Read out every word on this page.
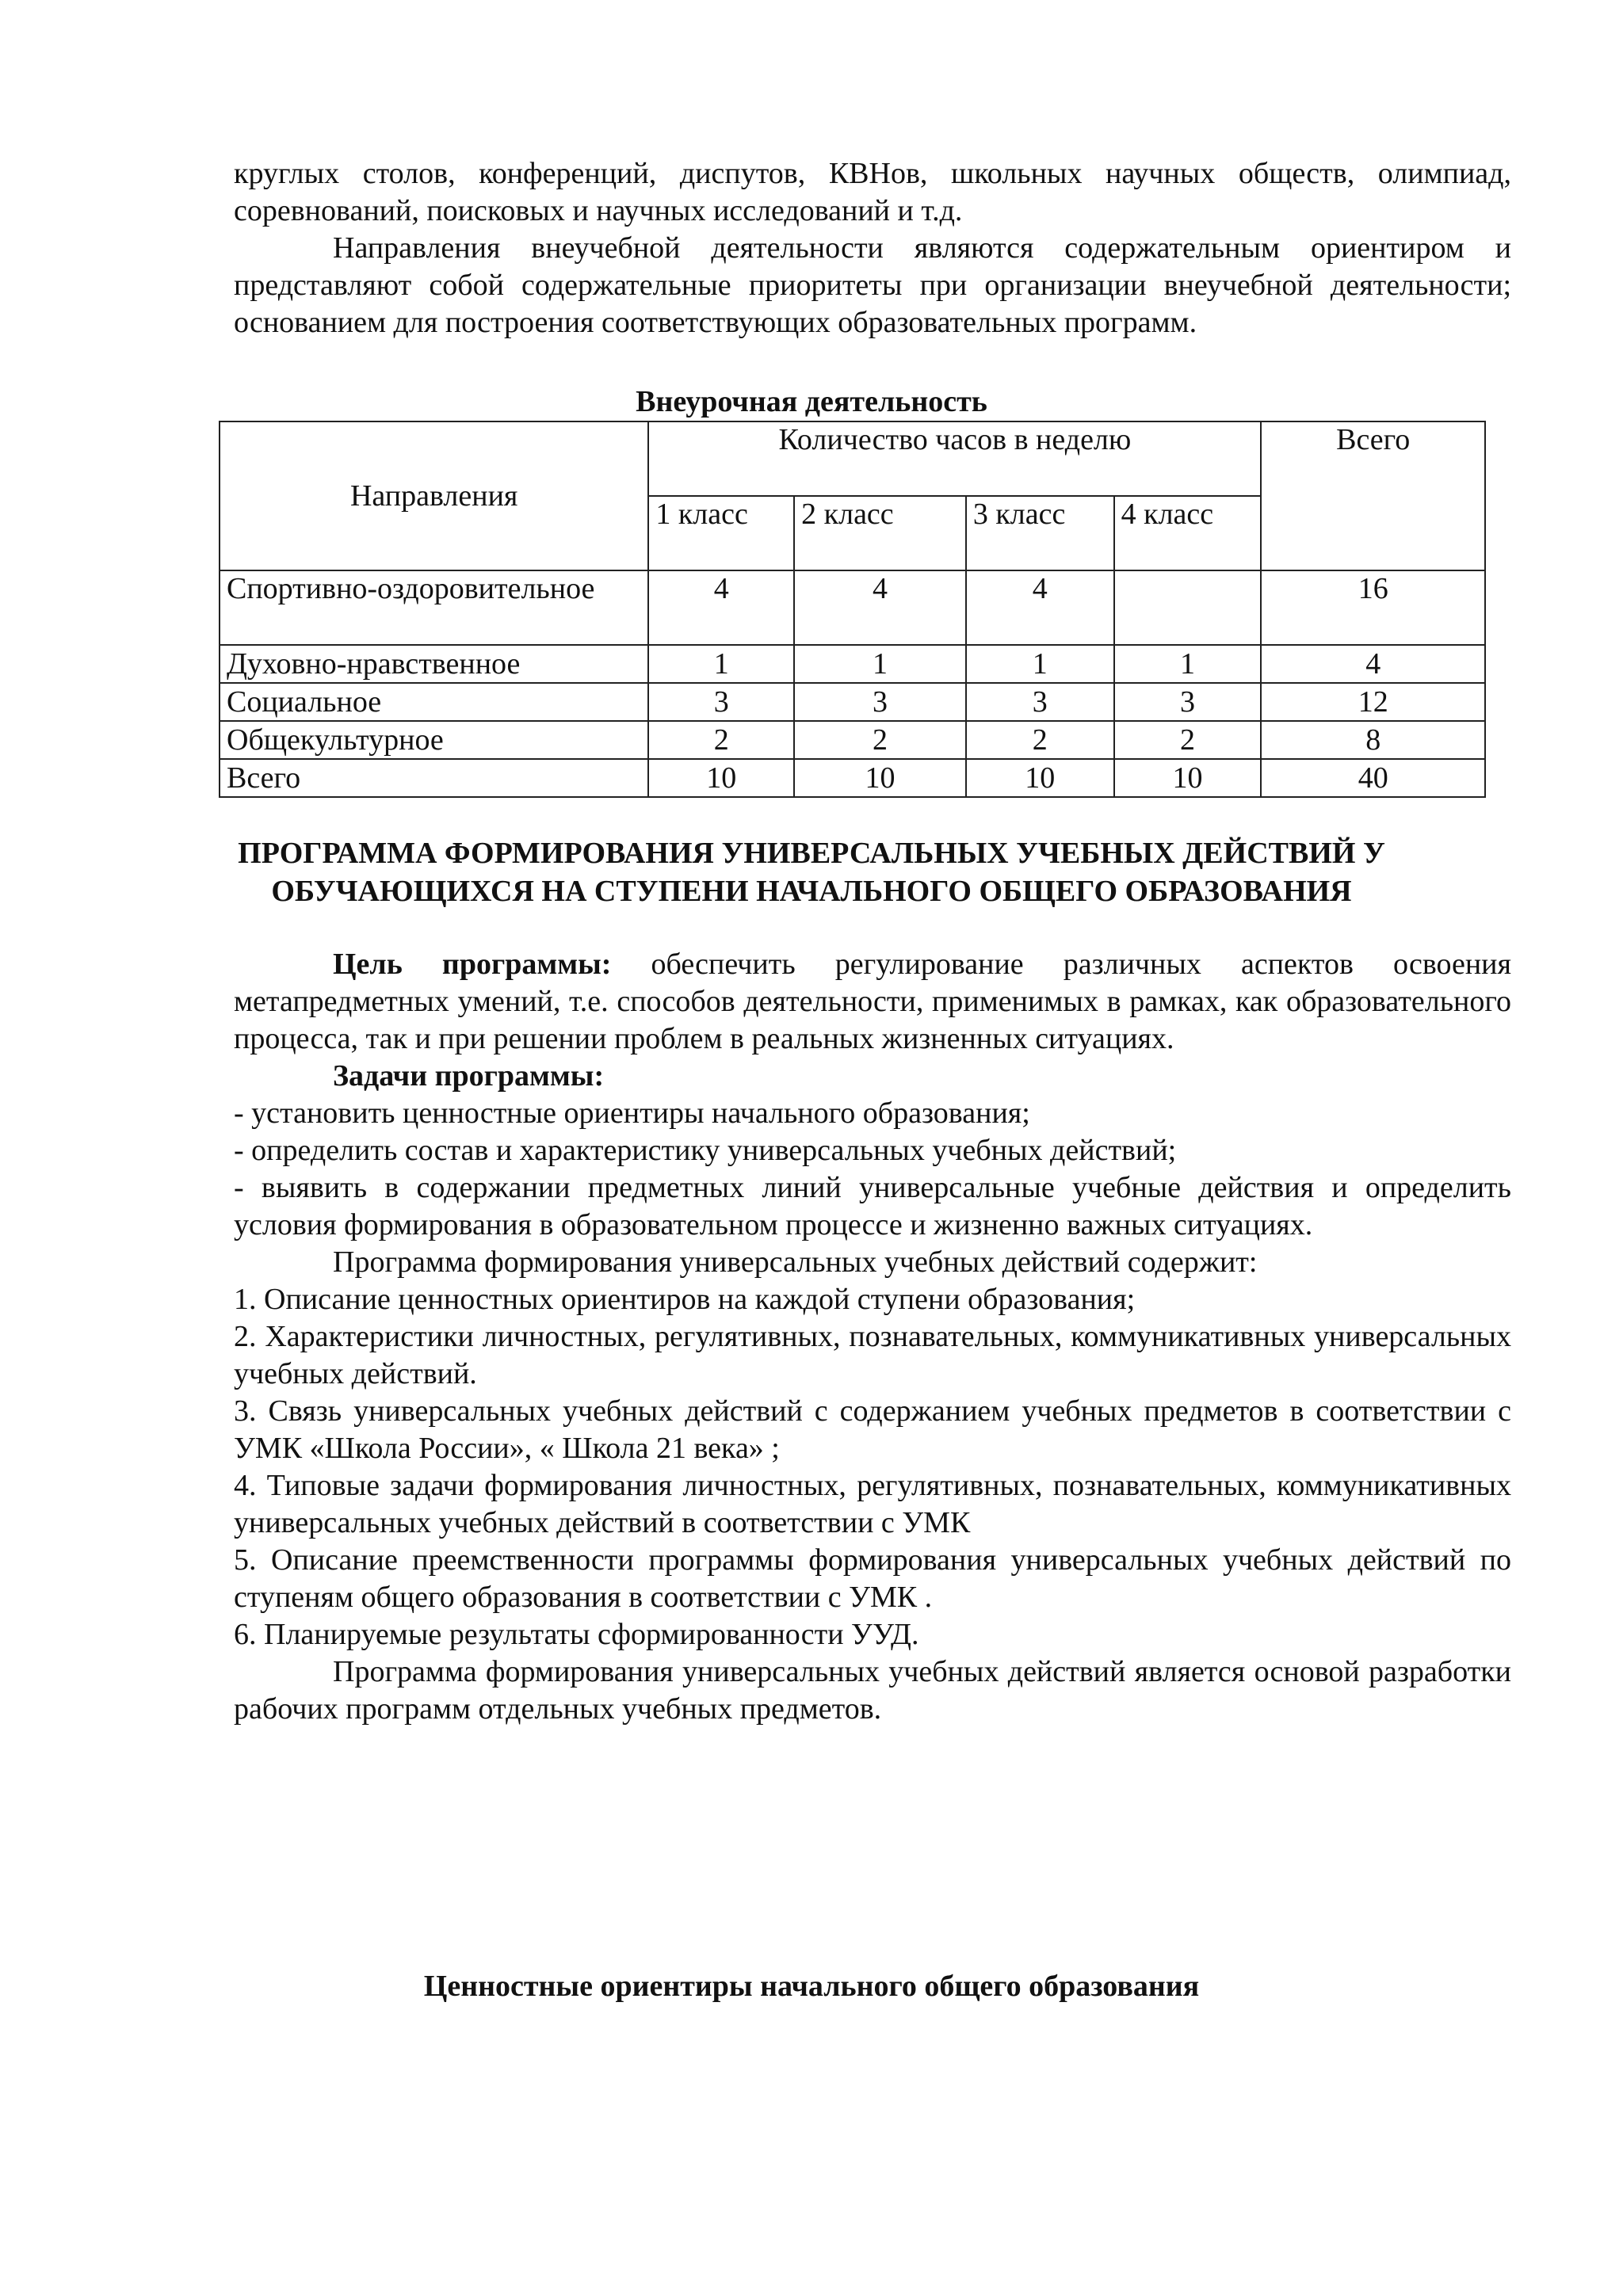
круглых столов, конференций, диспутов, КВНов, школьных научных обществ, олимпиад, соревнований, поисковых и научных исследований и т.д.

Направления внеучебной деятельности являются содержательным ориентиром и представляют собой содержательные приоритеты при организации внеучебной деятельности; основанием для построения соответствующих образовательных программ.

Внеурочная деятельность
Направления	Количество часов в неделю				Всего
	1 класс	2 класс	3 класс	4 класс	
Спортивно-оздоровительное	4	4	4		16
Духовно-нравственное	1	1	1	1	4
Социальное	3	3	3	3	12
Общекультурное	2	2	2	2	8
Всего	10	10	10	10	40
ПРОГРАММА ФОРМИРОВАНИЯ УНИВЕРСАЛЬНЫХ УЧЕБНЫХ ДЕЙСТВИЙ У
ОБУЧАЮЩИХСЯ НА СТУПЕНИ НАЧАЛЬНОГО ОБЩЕГО ОБРАЗОВАНИЯ

Цель программы: обеспечить регулирование различных аспектов освоения метапредметных умений, т.е. способов деятельности, применимых в рамках, как образовательного процесса, так и при решении проблем в реальных жизненных ситуациях.

Задачи программы:

- установить ценностные ориентиры начального образования;

- определить состав и характеристику универсальных учебных действий;

- выявить в содержании предметных линий универсальные учебные действия и определить условия формирования в образовательном процессе и жизненно важных ситуациях.

Программа формирования универсальных учебных действий содержит:

1. Описание ценностных ориентиров на каждой ступени образования;

2. Характеристики личностных, регулятивных, познавательных, коммуникативных универсальных учебных действий.

3. Связь универсальных учебных действий с содержанием учебных предметов в соответствии с УМК «Школа России», « Школа 21 века» ;

4. Типовые задачи формирования личностных, регулятивных, познавательных, коммуникативных универсальных учебных действий в соответствии с УМК

5. Описание преемственности программы формирования универсальных учебных действий по ступеням общего образования в соответствии с УМК .

6. Планируемые результаты сформированности УУД.

Программа формирования универсальных учебных действий является основой разработки рабочих программ отдельных учебных предметов.

Ценностные ориентиры начального общего образования
